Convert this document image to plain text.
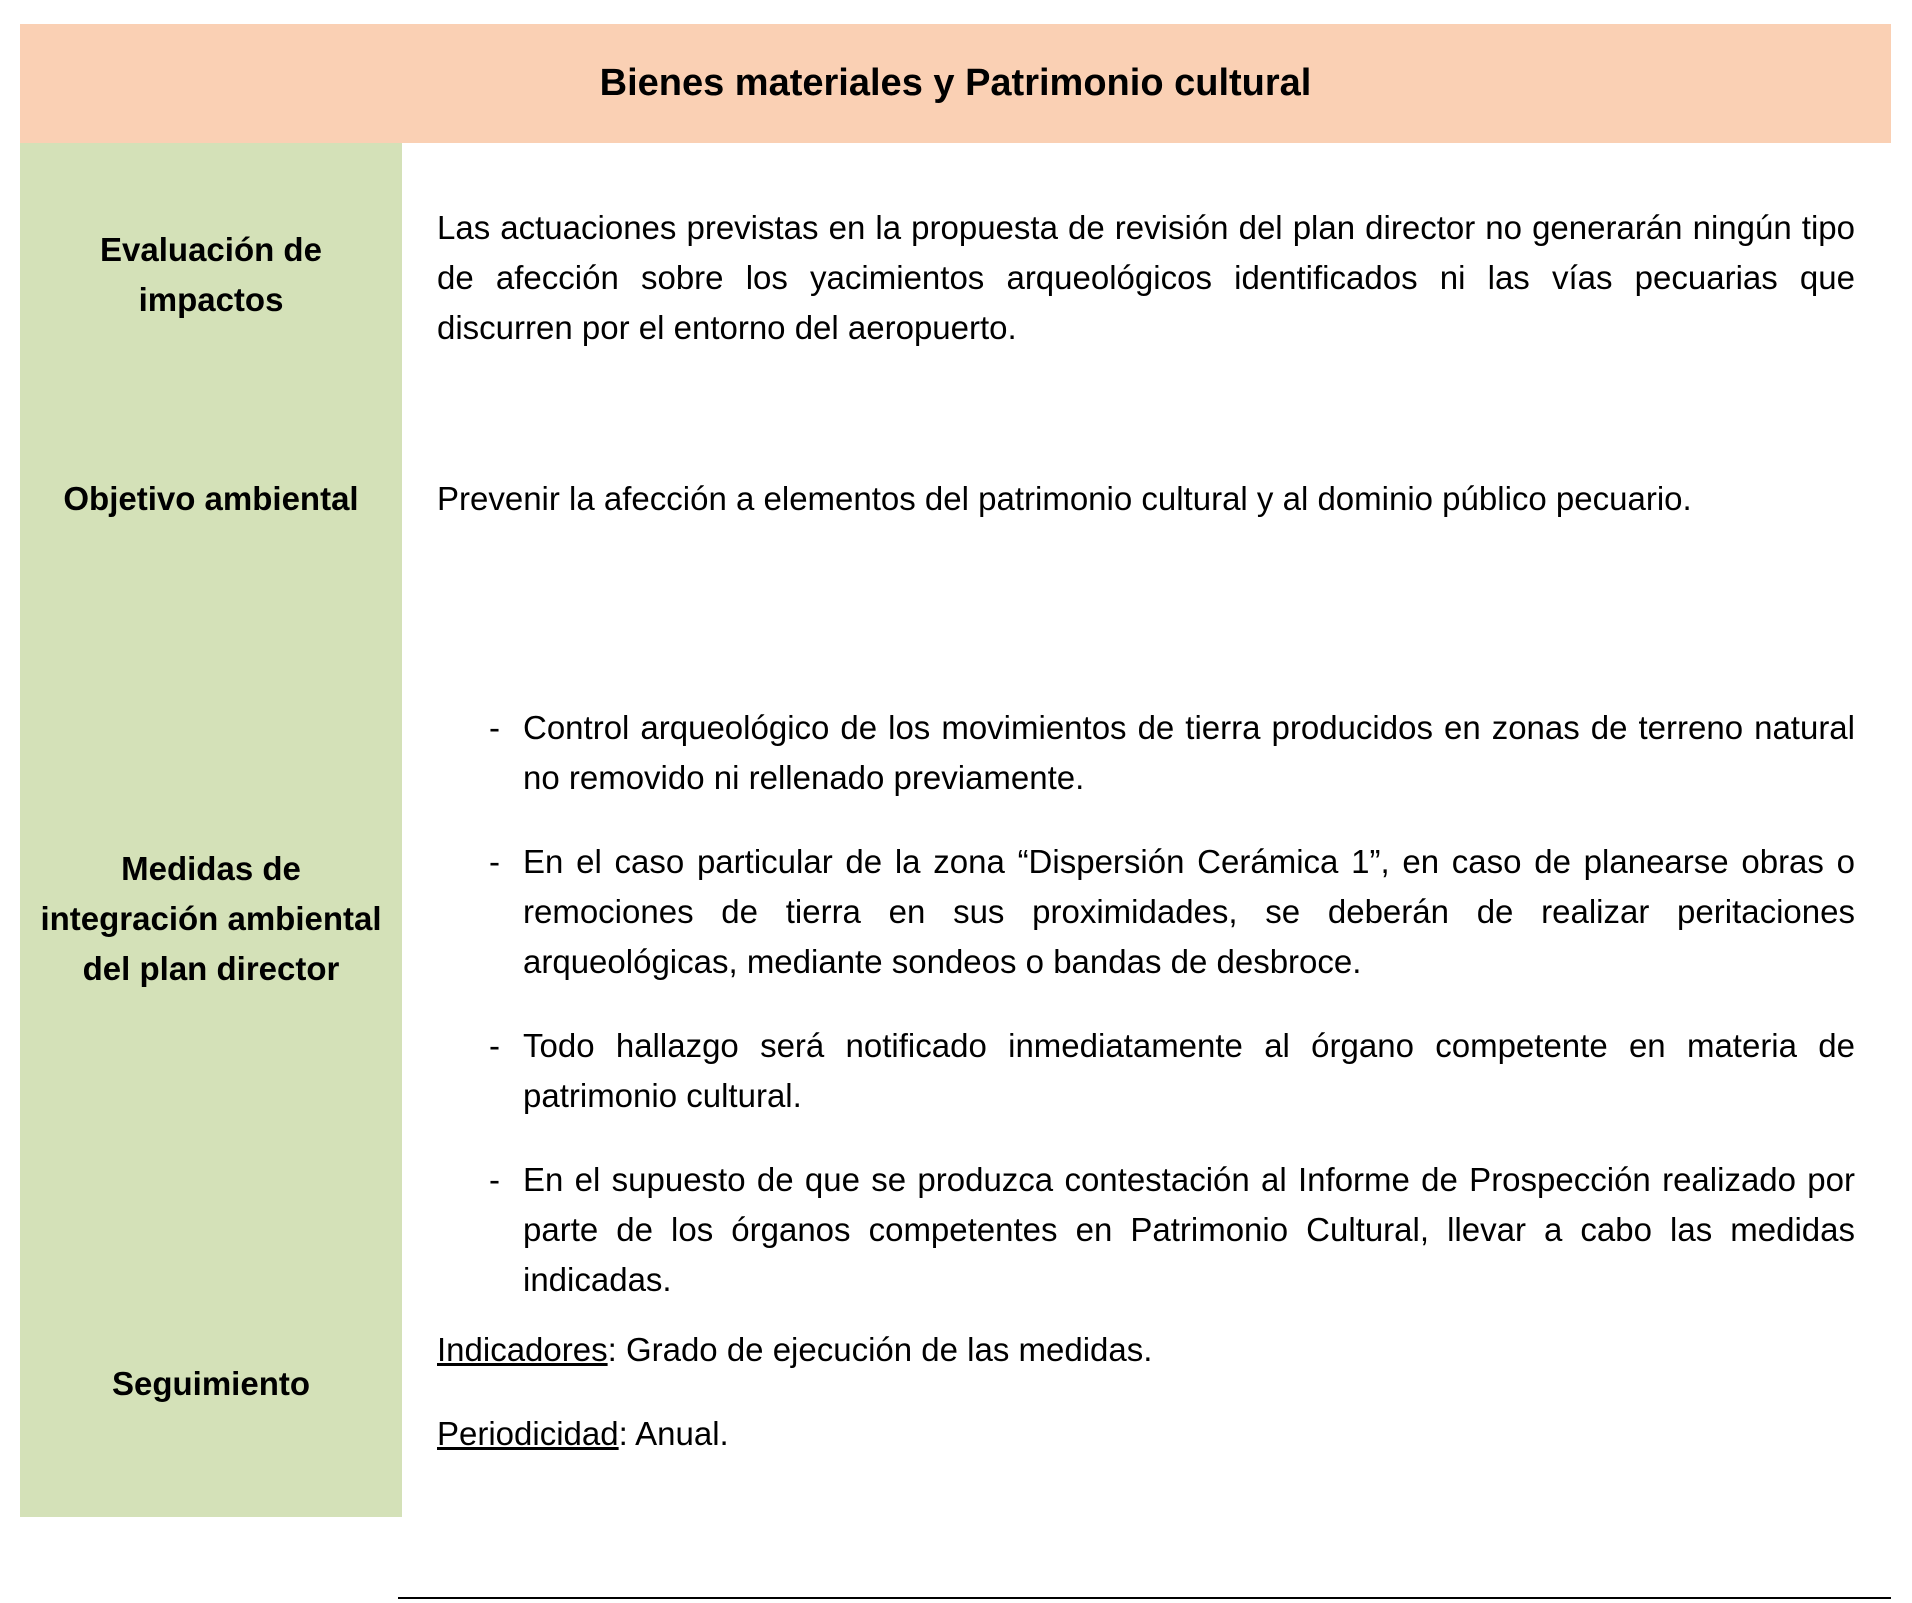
Bienes materiales y Patrimonio cultural
Evaluación de impactos
Las actuaciones previstas en la propuesta de revisión del plan director no generarán ningún tipo de afección sobre los yacimientos arqueológicos identificados ni las vías pecuarias que discurren por el entorno del aeropuerto.
Objetivo ambiental	Prevenir la afección a elementos del patrimonio cultural y al dominio público pecuario.
Medidas de integración ambiental del plan director
- Control arqueológico de los movimientos de tierra producidos en zonas de terreno natural no removido ni rellenado previamente.
- En el caso particular de la zona “Dispersión Cerámica 1”, en caso de planearse obras o remociones de tierra en sus proximidades, se deberán de realizar peritaciones arqueológicas, mediante sondeos o bandas de desbroce.
- Todo hallazgo será notificado inmediatamente al órgano competente en materia de patrimonio cultural.
- En el supuesto de que se produzca contestación al Informe de Prospección realizado por parte de los órganos competentes en Patrimonio Cultural, llevar a cabo las medidas indicadas.
Seguimiento

Indicadores: Grado de ejecución de las medidas.

Periodicidad: Anual.
